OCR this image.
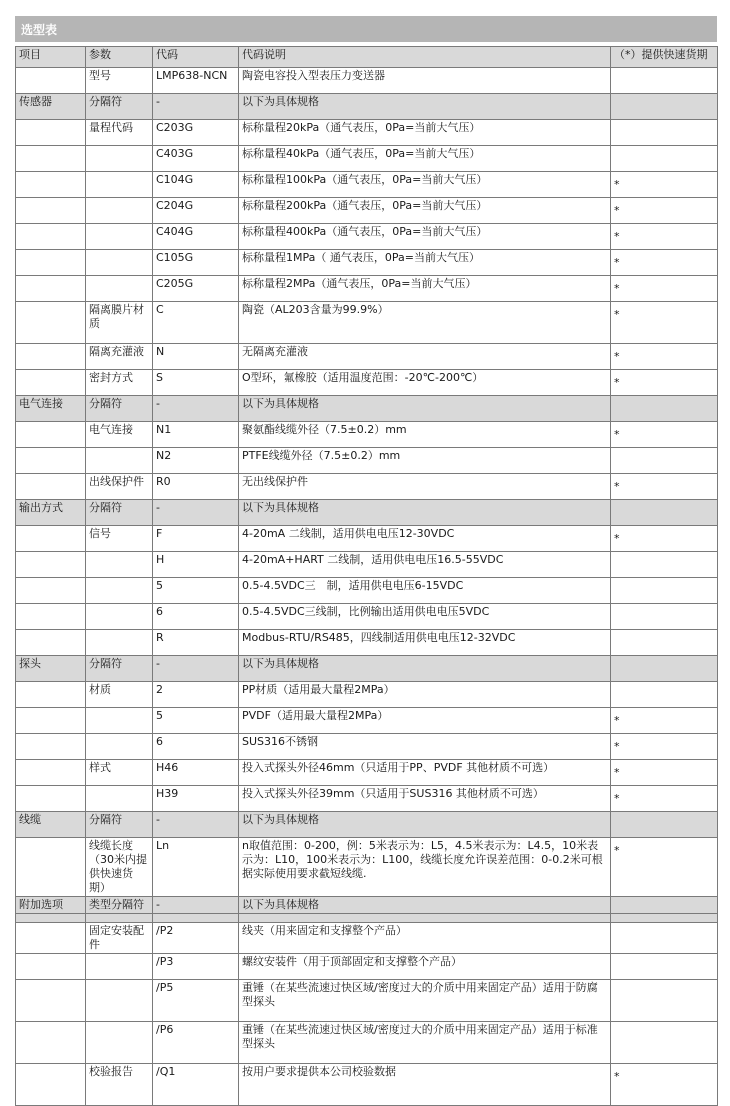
选型表
项目	参数	代码	代码说明	（*）提供快速货期
	型号	LMP638-NCN	陶瓷电容投入型表压力变送器	
传感器	分隔符	-	以下为具体规格	
	量程代码	C203G	标称量程20kPa（通气表压，0Pa=当前大气压）	
		C403G	标称量程40kPa（通气表压，0Pa=当前大气压）	
		C104G	标称量程100kPa（通气表压，0Pa=当前大气压）	*
		C204G	标称量程200kPa（通气表压，0Pa=当前大气压）	*
		C404G	标称量程400kPa（通气表压，0Pa=当前大气压）	*
		C105G	标称量程1MPa（ 通气表压，0Pa=当前大气压）	*
		C205G	标称量程2MPa（通气表压，0Pa=当前大气压）	*
	隔离膜片材质	C	陶瓷（AL203含量为99.9%）	*
	隔离充灌液	N	无隔离充灌液	*
	密封方式	S	O型环，氟橡胶（适用温度范围：-20℃-200℃）	*
电气连接	分隔符	-	以下为具体规格	
	电气连接	N1	聚氨酯线缆外径（7.5±0.2）mm	*
		N2	PTFE线缆外径（7.5±0.2）mm	
	出线保护件	R0	无出线保护件	*
输出方式	分隔符	-	以下为具体规格	
	信号	F	4-20mA 二线制，适用供电电压12-30VDC	*
		H	4-20mA+HART 二线制，适用供电电压16.5-55VDC	
		5	0.5-4.5VDC三　制，适用供电电压6-15VDC	
		6	0.5-4.5VDC三线制，比例输出适用供电电压5VDC	
		R	Modbus-RTU/RS485，四线制适用供电电压12-32VDC	
探头	分隔符	-	以下为具体规格	
	材质	2	PP材质（适用最大量程2MPa）	
		5	PVDF（适用最大量程2MPa）	*
		6	SUS316不锈钢	*
	样式	H46	投入式探头外径46mm（只适用于PP、PVDF 其他材质不可选）	*
		H39	投入式探头外径39mm（只适用于SUS316 其他材质不可选）	*
线缆	分隔符	-	以下为具体规格	
	线缆长度（30米内提供快速货期）	Ln	n取值范围：0-200，例：5米表示为：L5，4.5米表示为：L4.5，10米表示为：L10，100米表示为：L100，线缆长度允许误差范围：0-0.2米可根据实际使用要求截短线缆.	*
附加选项	类型分隔符	-	以下为具体规格	
	固定安装配件	/P2	线夹（用来固定和支撑整个产品）	
		/P3	螺纹安装件（用于顶部固定和支撑整个产品）	
		/P5	重锤（在某些流速过快区域/密度过大的介质中用来固定产品）适用于防腐型探头	
		/P6	重锤（在某些流速过快区域/密度过大的介质中用来固定产品）适用于标准型探头	
	校验报告	/Q1	按用户要求提供本公司校验数据	*
